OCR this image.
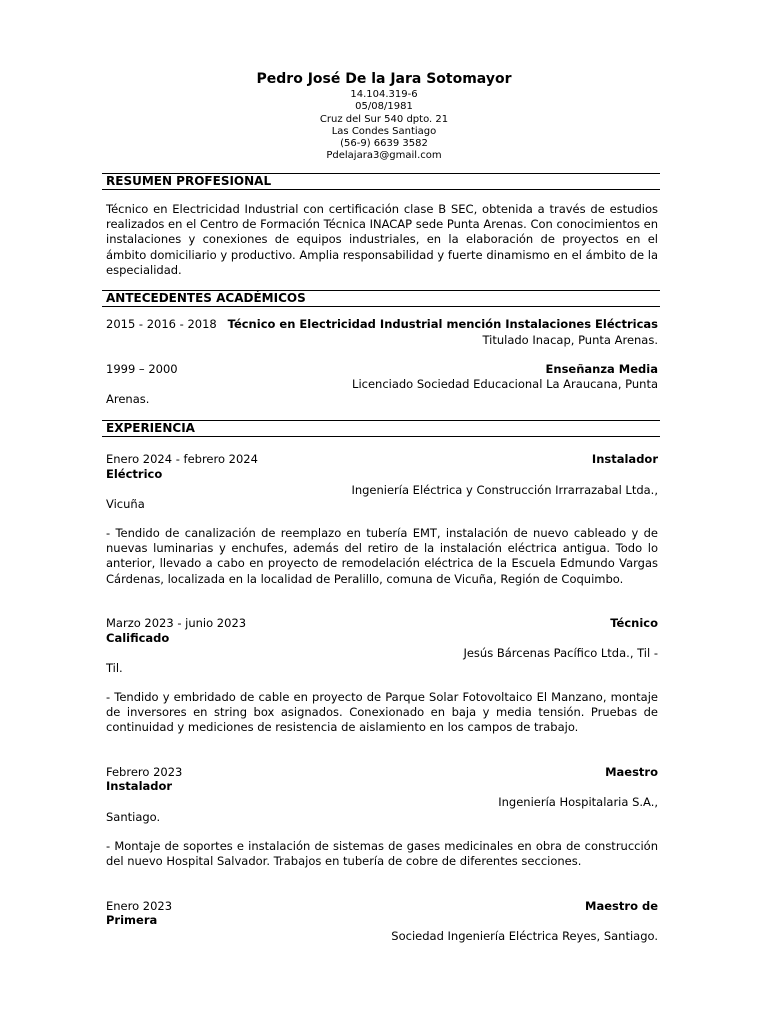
Pedro José De la Jara Sotomayor
14.104.319-6
05/08/1981
Cruz del Sur 540 dpto. 21
Las Condes Santiago
(56-9) 6639 3582
Pdelajara3@gmail.com
RESUMEN PROFESIONAL
Técnico en Electricidad Industrial con certificación clase B SEC, obtenida a través de estudios realizados en el Centro de Formación Técnica INACAP sede Punta Arenas. Con conocimientos en instalaciones y conexiones de equipos industriales, en la elaboración de proyectos en el ámbito domiciliario y productivo. Amplia responsabilidad y fuerte dinamismo en el ámbito de la especialidad.
ANTECEDENTES ACADÉMICOS
2015 - 2016 - 2018 Técnico en Electricidad Industrial mención Instalaciones Eléctricas
Titulado Inacap, Punta Arenas.
1999 – 2000	Enseñanza Media
Licenciado Sociedad Educacional La Araucana, Punta
Arenas.
EXPERIENCIA
Enero 2024 - febrero 2024	Instalador
Eléctrico
Ingeniería Eléctrica y Construcción Irrarrazabal Ltda.,
Vicuña
- Tendido de canalización de reemplazo en tubería EMT, instalación de nuevo cableado y de nuevas luminarias y enchufes, además del retiro de la instalación eléctrica antigua. Todo lo anterior, llevado a cabo en proyecto de remodelación eléctrica de la Escuela Edmundo Vargas Cárdenas, localizada en la localidad de Peralillo, comuna de Vicuña, Región de Coquimbo.
Marzo 2023 - junio 2023	Técnico
Calificado
Jesús Bárcenas Pacífico Ltda., Til -
Til.
- Tendido y embridado de cable en proyecto de Parque Solar Fotovoltaico El Manzano, montaje de inversores en string box asignados. Conexionado en baja y media tensión. Pruebas de continuidad y mediciones de resistencia de aislamiento en los campos de trabajo.
Febrero 2023	Maestro
Instalador
Ingeniería Hospitalaria S.A.,
Santiago.
- Montaje de soportes e instalación de sistemas de gases medicinales en obra de construcción del nuevo Hospital Salvador. Trabajos en tubería de cobre de diferentes secciones.
Enero 2023	Maestro de
Primera
Sociedad Ingeniería Eléctrica Reyes, Santiago.
